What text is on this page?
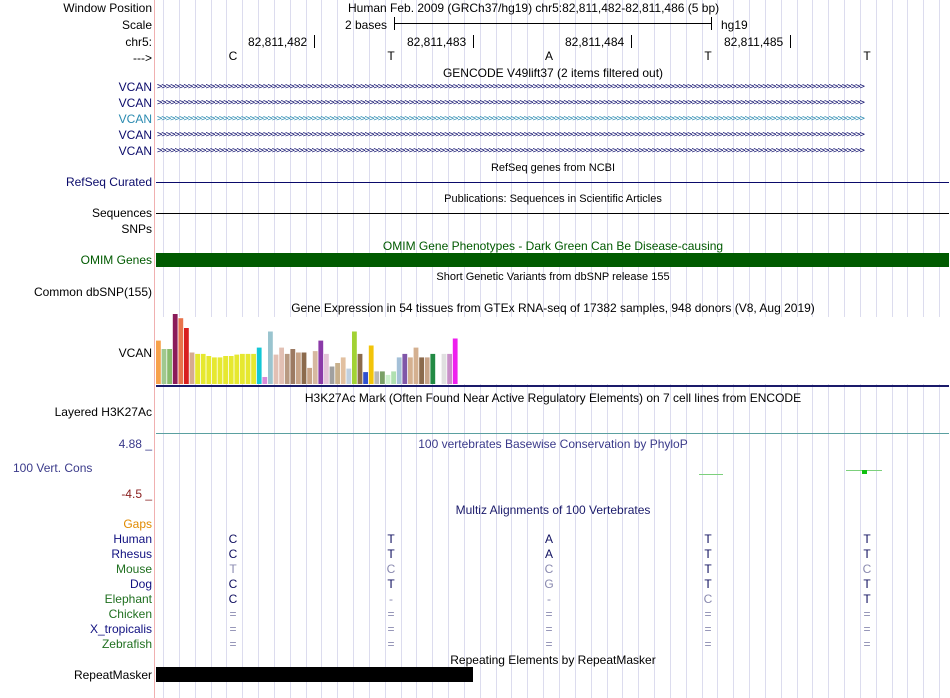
Window Position	Human Feb. 2009 (GRCh37/hg19) chr5:82,811,482-82,811,486 (5 bp)
Scale	2 bases	hg19
chr5:	82,811,482	82,811,483	82,811,484	82,811,485
--->	C	T	A	T	T
GENCODE V49lift37 (2 items filtered out)
VCAN >>>>>>>>>>>>>>>>>>>>>>>>>>>>>>>>>>>>>>>>>>>>>>>>>>>>>>>>>>>>>>>>>>>>>>>>>>>>>>>>>>>>>>>>>>>>>>>>>>>>>>>>>>>>>>>>>>>>>>>>>>>>>>>>>>>>>>>>>>>>>>>>>>>>>>>>>>>>>>>>
VCAN >>>>>>>>>>>>>>>>>>>>>>>>>>>>>>>>>>>>>>>>>>>>>>>>>>>>>>>>>>>>>>>>>>>>>>>>>>>>>>>>>>>>>>>>>>>>>>>>>>>>>>>>>>>>>>>>>>>>>>>>>>>>>>>>>>>>>>>>>>>>>>>>>>>>>>>>>>>>>>>>
VCAN >>>>>>>>>>>>>>>>>>>>>>>>>>>>>>>>>>>>>>>>>>>>>>>>>>>>>>>>>>>>>>>>>>>>>>>>>>>>>>>>>>>>>>>>>>>>>>>>>>>>>>>>>>>>>>>>>>>>>>>>>>>>>>>>>>>>>>>>>>>>>>>>>>>>>>>>>>>>>>>>
VCAN >>>>>>>>>>>>>>>>>>>>>>>>>>>>>>>>>>>>>>>>>>>>>>>>>>>>>>>>>>>>>>>>>>>>>>>>>>>>>>>>>>>>>>>>>>>>>>>>>>>>>>>>>>>>>>>>>>>>>>>>>>>>>>>>>>>>>>>>>>>>>>>>>>>>>>>>>>>>>>>>
VCAN >>>>>>>>>>>>>>>>>>>>>>>>>>>>>>>>>>>>>>>>>>>>>>>>>>>>>>>>>>>>>>>>>>>>>>>>>>>>>>>>>>>>>>>>>>>>>>>>>>>>>>>>>>>>>>>>>>>>>>>>>>>>>>>>>>>>>>>>>>>>>>>>>>>>>>>>>>>>>>>>
RefSeq genes from NCBI
RefSeq Curated
Publications: Sequences in Scientific Articles
Sequences
SNPs
OMIM Gene Phenotypes - Dark Green Can Be Disease-causing
OMIM Genes
Short Genetic Variants from dbSNP release 155
Common dbSNP(155)
Gene Expression in 54 tissues from GTEx RNA-seq of 17382 samples, 948 donors (V8, Aug 2019)
VCAN
H3K27Ac Mark (Often Found Near Active Regulatory Elements) on 7 cell lines from ENCODE
Layered H3K27Ac
100 vertebrates Basewise Conservation by PhyloP
4.88 _
100 Vert. Cons
-4.5 _
Multiz Alignments of 100 Vertebrates
Gaps
Human	C	T	A	T	T
Rhesus	C	T	A	T	T
Mouse	T	C	C	T	C
Dog	C	T	G	T	T
Elephant	C	-	-	C	T
Chicken	=	=	=	=	=
X_tropicalis	=	=	=	=	=
Zebrafish	=	=	=	=	=
Repeating Elements by RepeatMasker
RepeatMasker
